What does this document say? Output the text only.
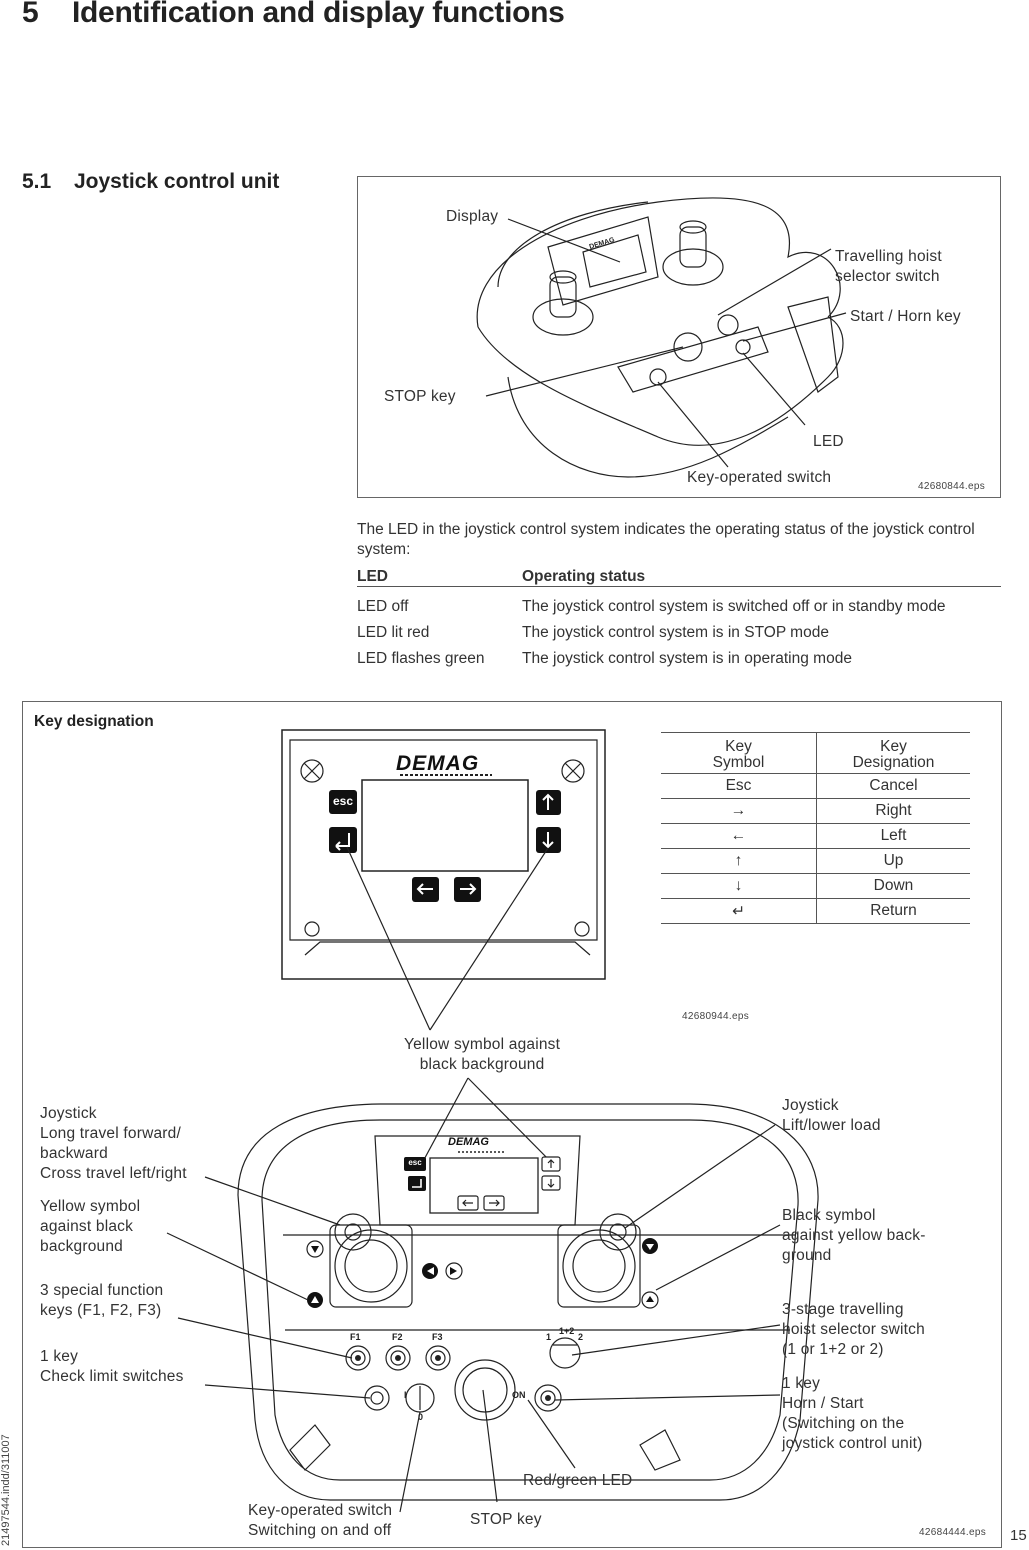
5 Identification and display functions
5.1 Joystick control unit
DEMAG
Display
Travelling hoist
selector switch
Start / Horn key
STOP key
LED
Key-operated switch
42680844.eps
The LED in the joystick control system indicates the operating status of the joystick control system:
LED	Operating status
LED off	The joystick control system is switched off or in standby mode
LED lit red	The joystick control system is in STOP mode
LED flashes green	The joystick control system is in operating mode
Key designation
DEMAG
esc
DEMAG
esc
Key
Symbol	Key
Designation
Esc	Cancel
→	Right
←	Left
↑	Up
↓	Down
↵	Return
42680944.eps
Yellow symbol against
black background
F1	F2	F3	1
1+2
2
ON
0
I
Joystick
Long travel forward/
backward
Cross travel left/right
Yellow symbol
against black
background
3 special function
keys (F1, F2, F3)
1 key
Check limit switches
Joystick
Lift/lower load
Black symbol
against yellow back-
ground
3-stage travelling
hoist selector switch
(1 or 1+2 or 2)
1 key
Horn / Start
(Switching on the
joystick control unit)
Red/green LED
Key-operated switch
Switching on and off
STOP key
42684444.eps
21497544.indd/311007	15
